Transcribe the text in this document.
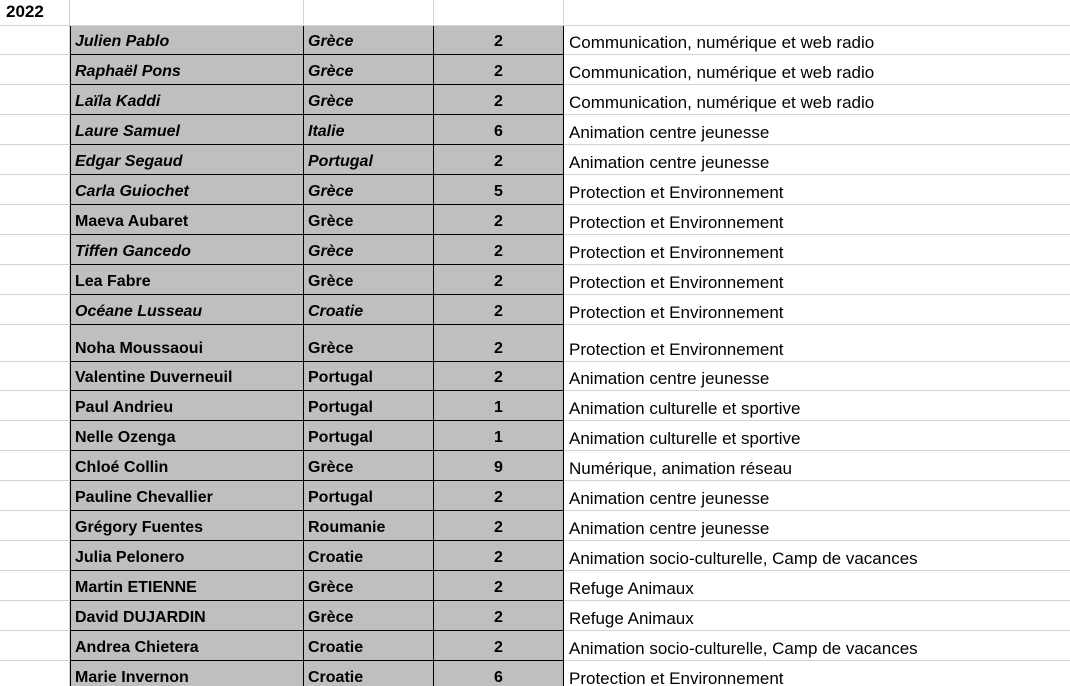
2022
Julien Pablo	Grèce	2	Communication, numérique et web radio
Raphaël Pons	Grèce	2	Communication, numérique et web radio
Laïla Kaddi	Grèce	2	Communication, numérique et web radio
Laure Samuel	Italie	6	Animation centre jeunesse
Edgar Segaud	Portugal	2	Animation centre jeunesse
Carla Guiochet	Grèce	5	Protection et Environnement
Maeva Aubaret	Grèce	2	Protection et Environnement
Tiffen Gancedo	Grèce	2	Protection et Environnement
Lea Fabre	Grèce	2	Protection et Environnement
Océane Lusseau	Croatie	2	Protection et Environnement
Noha Moussaoui	Grèce	2	Protection et Environnement
Valentine Duverneuil	Portugal	2	Animation centre jeunesse
Paul Andrieu	Portugal	1	Animation culturelle et sportive
Nelle Ozenga	Portugal	1	Animation culturelle et sportive
Chloé Collin	Grèce	9	Numérique, animation réseau
Pauline Chevallier	Portugal	2	Animation centre jeunesse
Grégory Fuentes	Roumanie	2	Animation centre jeunesse
Julia Pelonero	Croatie	2	Animation socio-culturelle, Camp de vacances
Martin ETIENNE	Grèce	2	Refuge Animaux
David DUJARDIN	Grèce	2	Refuge Animaux
Andrea Chietera	Croatie	2	Animation socio-culturelle, Camp de vacances
Marie Invernon	Croatie	6	Protection et Environnement
